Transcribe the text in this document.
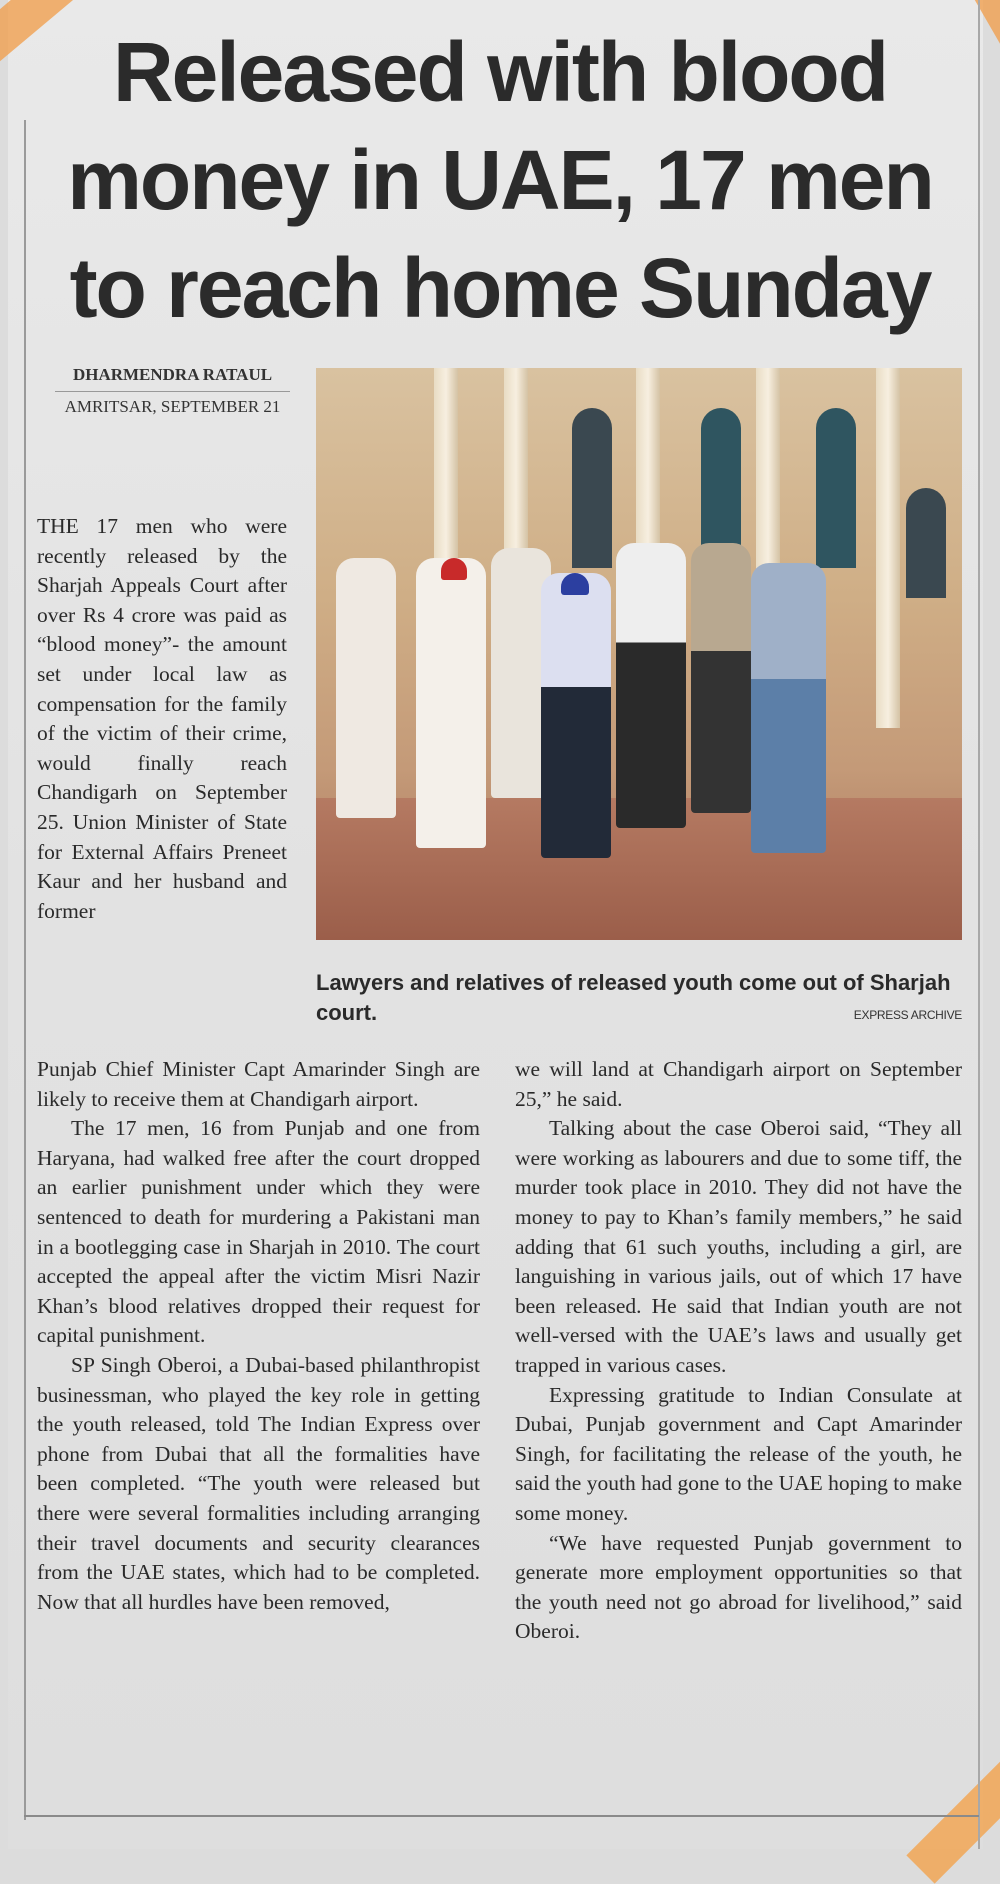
Released with blood money in UAE, 17 men to reach home Sunday
DHARMENDRA RATAUL
AMRITSAR, SEPTEMBER 21

THE 17 men who were recently released by the Sharjah Appeals Court after over Rs 4 crore was paid as “blood money”- the amount set under local law as compensation for the family of the victim of their crime, would finally reach Chandigarh on September 25. Union Minister of State for External Affairs Preneet Kaur and her husband and former

Lawyers and relatives of released youth come out of Sharjah court.	EXPRESS ARCHIVE

Punjab Chief Minister Capt Amarinder Singh are likely to receive them at Chandigarh airport.

The 17 men, 16 from Punjab and one from Haryana, had walked free after the court dropped an earlier punishment under which they were sentenced to death for murdering a Pakistani man in a bootlegging case in Sharjah in 2010. The court accepted the appeal after the victim Misri Nazir Khan’s blood relatives dropped their request for capital punishment.

SP Singh Oberoi, a Dubai-based philanthropist businessman, who played the key role in getting the youth released, told The Indian Express over phone from Dubai that all the formalities have been completed. “The youth were released but there were several formalities including arranging their travel documents and security clearances from the UAE states, which had to be completed. Now that all hurdles have been removed,

we will land at Chandigarh airport on September 25,” he said.

Talking about the case Oberoi said, “They all were working as labourers and due to some tiff, the murder took place in 2010. They did not have the money to pay to Khan’s family members,” he said adding that 61 such youths, including a girl, are languishing in various jails, out of which 17 have been released. He said that Indian youth are not well-versed with the UAE’s laws and usually get trapped in various cases.

Expressing gratitude to Indian Consulate at Dubai, Punjab government and Capt Amarinder Singh, for facilitating the release of the youth, he said the youth had gone to the UAE hoping to make some money.

“We have requested Punjab government to generate more employment opportunities so that the youth need not go abroad for livelihood,” said Oberoi.
